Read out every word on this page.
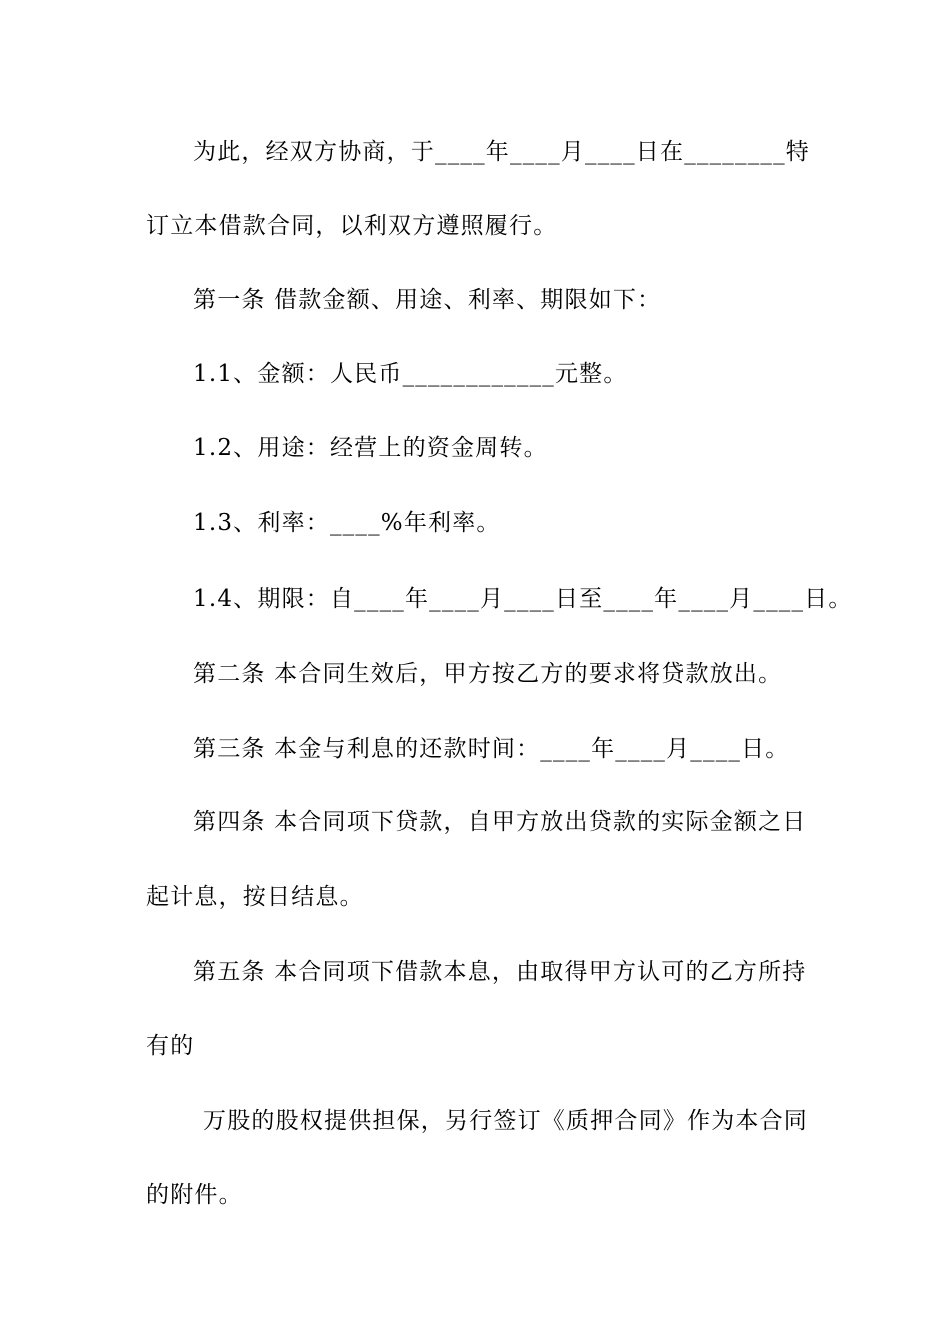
为此，经双方协商，于____年____月____日在________特
订立本借款合同，以利双方遵照履行。
第一条 借款金额、用途、利率、期限如下：
1.1、金额：人民币____________元整。
1.2、用途：经营上的资金周转。
1.3、利率：____%年利率。
1.4、期限：自____年____月____日至____年____月____日。
第二条 本合同生效后，甲方按乙方的要求将贷款放出。
第三条 本金与利息的还款时间：____年____月____日。
第四条 本合同项下贷款，自甲方放出贷款的实际金额之日
起计息，按日结息。
第五条 本合同项下借款本息，由取得甲方认可的乙方所持
有的
万股的股权提供担保，另行签订《质押合同》作为本合同
的附件。
